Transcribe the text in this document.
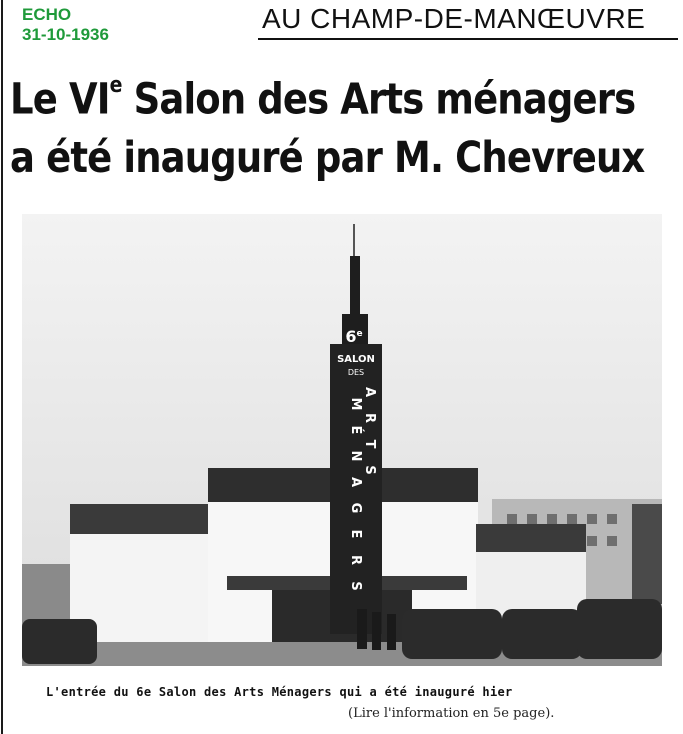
ECHO
31-10-1936
AU CHAMP-DE-MANŒUVRE
Le VIe Salon des Arts ménagers
a été inauguré par M. Chevreux
6e
SALON
DES
A
R
T
S
M
É
N
A
G
E
R
S
L'entrée du 6e Salon des Arts Ménagers qui a été inauguré hier
(Lire l'information en 5e page).
